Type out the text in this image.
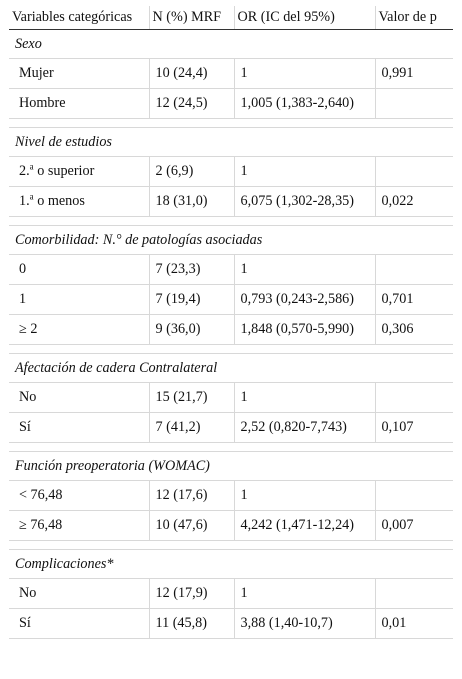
Variables categóricas	N (%) MRF	OR (IC del 95%)	Valor de p
Sexo			
Mujer	10 (24,4)	1	0,991
Hombre	12 (24,5)	1,005 (1,383-2,640)	

Nivel de estudios			
2.$^a$ o superior	2 (6,9)	1	
1.$^a$ o menos	18 (31,0)	6,075 (1,302-28,35)	0,022

Comorbilidad: N.° de patologías asociadas			
0	7 (23,3)	1	
1	7 (19,4)	0,793 (0,243-2,586)	0,701
≥ 2	9 (36,0)	1,848 (0,570-5,990)	0,306

Afectación de cadera Contralateral			
No	15 (21,7)	1	
Sí	7 (41,2)	2,52 (0,820-7,743)	0,107

Función preoperatoria (WOMAC)			
< 76,48	12 (17,6)	1	
≥ 76,48	10 (47,6)	4,242 (1,471-12,24)	0,007

Complicaciones*			
No	12 (17,9)	1	
Sí	11 (45,8)	3,88 (1,40-10,7)	0,01
